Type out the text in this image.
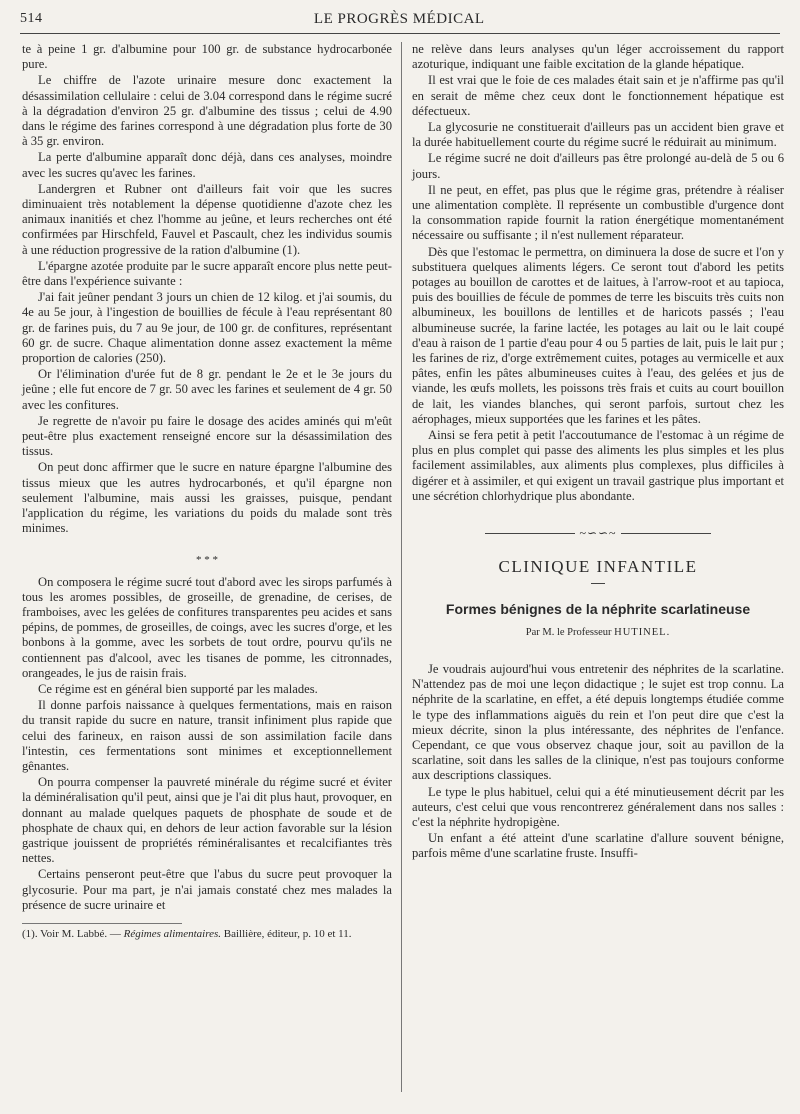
514	LE PROGRÈS MÉDICAL

te à peine 1 gr. d'albumine pour 100 gr. de substance hydrocarbonée pure.

Le chiffre de l'azote urinaire mesure donc exactement la désassimilation cellulaire : celui de 3.04 correspond dans le régime sucré à la dégradation d'environ 25 gr. d'albumine des tissus ; celui de 4.90 dans le régime des farines correspond à une dégradation plus forte de 30 à 35 gr. environ.

La perte d'albumine apparaît donc déjà, dans ces analyses, moindre avec les sucres qu'avec les farines.

Landergren et Rubner ont d'ailleurs fait voir que les sucres diminuaient très notablement la dépense quotidienne d'azote chez les animaux inanitiés et chez l'homme au jeûne, et leurs recherches ont été confirmées par Hirschfeld, Fauvel et Pascault, chez les individus soumis à une réduction progressive de la ration d'albumine (1).

L'épargne azotée produite par le sucre apparaît encore plus nette peut-être dans l'expérience suivante :

J'ai fait jeûner pendant 3 jours un chien de 12 kilog. et j'ai soumis, du 4e au 5e jour, à l'ingestion de bouillies de fécule à l'eau représentant 80 gr. de farines puis, du 7 au 9e jour, de 100 gr. de confitures, représentant 60 gr. de sucre. Chaque alimentation donne assez exactement la même proportion de calories (250).

Or l'élimination d'urée fut de 8 gr. pendant le 2e et le 3e jours du jeûne ; elle fut encore de 7 gr. 50 avec les farines et seulement de 4 gr. 50 avec les confitures.

Je regrette de n'avoir pu faire le dosage des acides aminés qui m'eût peut-être plus exactement renseigné encore sur la désassimilation des tissus.

On peut donc affirmer que le sucre en nature épargne l'albumine des tissus mieux que les autres hydrocarbonés, et qu'il épargne non seulement l'albumine, mais aussi les graisses, puisque, pendant l'application du régime, les variations du poids du malade sont très minimes.

* * *

On composera le régime sucré tout d'abord avec les sirops parfumés à tous les aromes possibles, de groseille, de grenadine, de cerises, de framboises, avec les gelées de confitures transparentes peu acides et sans pépins, de pommes, de groseilles, de coings, avec les sucres d'orge, et les bonbons à la gomme, avec les sorbets de tout ordre, pourvu qu'ils ne contiennent pas d'alcool, avec les tisanes de pomme, les citronnades, orangeades, le jus de raisin frais.

Ce régime est en général bien supporté par les malades.

Il donne parfois naissance à quelques fermentations, mais en raison du transit rapide du sucre en nature, transit infiniment plus rapide que celui des farineux, en raison aussi de son assimilation facile dans l'intestin, ces fermentations sont minimes et exceptionnellement gênantes.

On pourra compenser la pauvreté minérale du régime sucré et éviter la déminéralisation qu'il peut, ainsi que je l'ai dit plus haut, provoquer, en donnant au malade quelques paquets de phosphate de soude et de phosphate de chaux qui, en dehors de leur action favorable sur la lésion gastrique jouissent de propriétés réminéralisantes et recalcifiantes très nettes.

Certains penseront peut-être que l'abus du sucre peut provoquer la glycosurie. Pour ma part, je n'ai jamais constaté chez mes malades la présence de sucre urinaire et

(1). Voir M. Labbé. — Régimes alimentaires. Baillière, éditeur, p. 10 et 11.

ne relève dans leurs analyses qu'un léger accroissement du rapport azoturique, indiquant une faible excitation de la glande hépatique.

Il est vrai que le foie de ces malades était sain et je n'affirme pas qu'il en serait de même chez ceux dont le fonctionnement hépatique est défectueux.

La glycosurie ne constituerait d'ailleurs pas un accident bien grave et la durée habituellement courte du régime sucré le réduirait au minimum.

Le régime sucré ne doit d'ailleurs pas être prolongé au-delà de 5 ou 6 jours.

Il ne peut, en effet, pas plus que le régime gras, prétendre à réaliser une alimentation complète. Il représente un combustible d'urgence dont la consommation rapide fournit la ration énergétique momentanément nécessaire ou suffisante ; il n'est nullement réparateur.

Dès que l'estomac le permettra, on diminuera la dose de sucre et l'on y substituera quelques aliments légers. Ce seront tout d'abord les petits potages au bouillon de carottes et de laitues, à l'arrow-root et au tapioca, puis des bouillies de fécule de pommes de terre les biscuits très cuits non albumineux, les bouillons de lentilles et de haricots passés ; l'eau albumineuse sucrée, la farine lactée, les potages au lait ou le lait coupé d'eau à raison de 1 partie d'eau pour 4 ou 5 parties de lait, puis le lait pur ; les farines de riz, d'orge extrêmement cuites, potages au vermicelle et aux pâtes, enfin les pâtes albumineuses cuites à l'eau, des gelées et jus de viande, les œufs mollets, les poissons très frais et cuits au court bouillon de lait, les viandes blanches, qui seront parfois, surtout chez les aérophages, mieux supportées que les farines et les pâtes.

Ainsi se fera petit à petit l'accoutumance de l'estomac à un régime de plus en plus complet qui passe des aliments les plus simples et les plus facilement assimilables, aux aliments plus complexes, plus difficiles à digérer et à assimiler, et qui exigent un travail gastrique plus important et une sécrétion chlorhydrique plus abondante.

~∽∽~
CLINIQUE INFANTILE
Formes bénignes de la néphrite scarlatineuse
Par M. le Professeur HUTINEL.

Je voudrais aujourd'hui vous entretenir des néphrites de la scarlatine. N'attendez pas de moi une leçon didactique ; le sujet est trop connu. La néphrite de la scarlatine, en effet, a été depuis longtemps étudiée comme le type des inflammations aiguës du rein et l'on peut dire que c'est la mieux décrite, sinon la plus intéressante, des néphrites de l'enfance. Cependant, ce que vous observez chaque jour, soit au pavillon de la scarlatine, soit dans les salles de la clinique, n'est pas toujours conforme aux descriptions classiques.

Le type le plus habituel, celui qui a été minutieusement décrit par les auteurs, c'est celui que vous rencontrerez généralement dans nos salles : c'est la néphrite hydropigène.

Un enfant a été atteint d'une scarlatine d'allure souvent bénigne, parfois même d'une scarlatine fruste. Insuffi-
